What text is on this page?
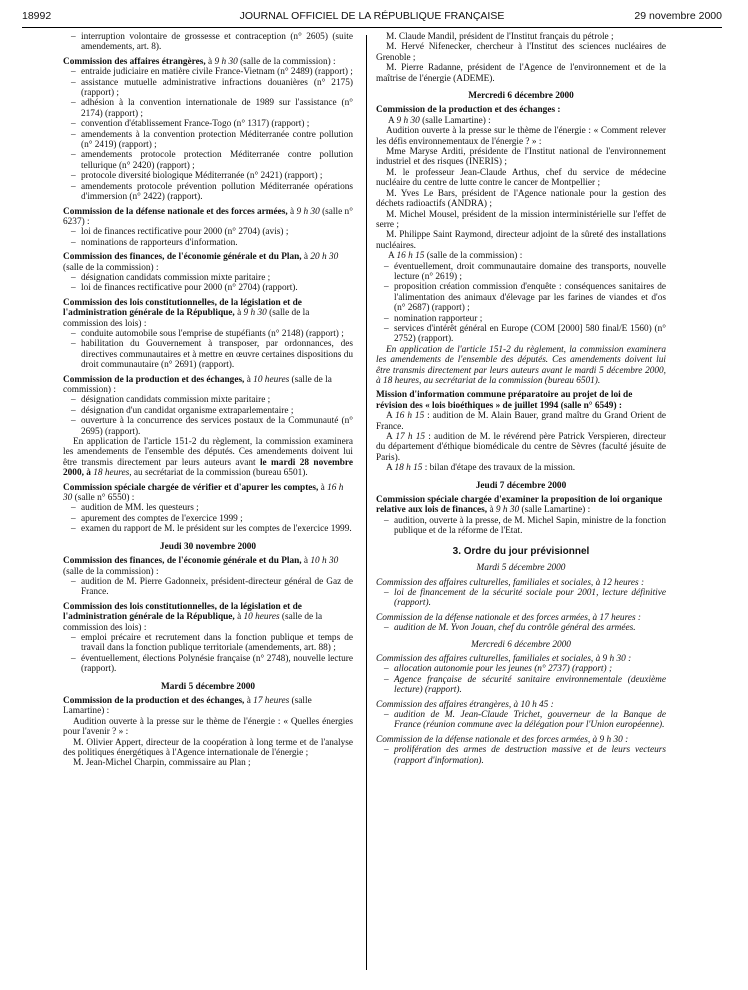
18992	JOURNAL OFFICIEL DE LA RÉPUBLIQUE FRANÇAISE	29 novembre 2000
– interruption volontaire de grossesse et contraception (n° 2605) (suite amendements, art. 8).

Commission des affaires étrangères, à 9 h 30 (salle de la commission) :

– entraide judiciaire en matière civile France-Vietnam (n° 2489) (rapport) ;
– assistance mutuelle administrative infractions douanières (n° 2175) (rapport) ;
– adhésion à la convention internationale de 1989 sur l'assistance (n° 2174) (rapport) ;
– convention d'établissement France-Togo (n° 1317) (rapport) ;
– amendements à la convention protection Méditerranée contre pollution (n° 2419) (rapport) ;
– amendements protocole protection Méditerranée contre pollution tellurique (n° 2420) (rapport) ;
– protocole diversité biologique Méditerranée (n° 2421) (rapport) ;
– amendements protocole prévention pollution Méditerranée opérations d'immersion (n° 2422) (rapport).

Commission de la défense nationale et des forces armées, à 9 h 30 (salle n° 6237) :

– loi de finances rectificative pour 2000 (n° 2704) (avis) ;
– nominations de rapporteurs d'information.

Commission des finances, de l'économie générale et du Plan, à 20 h 30 (salle de la commission) :

– désignation candidats commission mixte paritaire ;
– loi de finances rectificative pour 2000 (n° 2704) (rapport).

Commission des lois constitutionnelles, de la législation et de l'administration générale de la République, à 9 h 30 (salle de la commission des lois) :

– conduite automobile sous l'emprise de stupéfiants (n° 2148) (rapport) ;
– habilitation du Gouvernement à transposer, par ordonnances, des directives communautaires et à mettre en œuvre certaines dispositions du droit communautaire (n° 2691) (rapport).

Commission de la production et des échanges, à 10 heures (salle de la commission) :

– désignation candidats commission mixte paritaire ;
– désignation d'un candidat organisme extraparlementaire ;
– ouverture à la concurrence des services postaux de la Communauté (n° 2695) (rapport).

En application de l'article 151-2 du règlement, la commission examinera les amendements de l'ensemble des députés. Ces amendements doivent lui être transmis directement par leurs auteurs avant le mardi 28 novembre 2000, à 18 heures, au secrétariat de la commission (bureau 6501).

Commission spéciale chargée de vérifier et d'apurer les comptes, à 16 h 30 (salle n° 6550) :

– audition de MM. les questeurs ;
– apurement des comptes de l'exercice 1999 ;
– examen du rapport de M. le président sur les comptes de l'exercice 1999.

Jeudi 30 novembre 2000

Commission des finances, de l'économie générale et du Plan, à 10 h 30 (salle de la commission) :

– audition de M. Pierre Gadonneix, président-directeur général de Gaz de France.

Commission des lois constitutionnelles, de la législation et de l'administration générale de la République, à 10 heures (salle de la commission des lois) :

– emploi précaire et recrutement dans la fonction publique et temps de travail dans la fonction publique territoriale (amendements, art. 88) ;
– éventuellement, élections Polynésie française (n° 2748), nouvelle lecture (rapport).

Mardi 5 décembre 2000

Commission de la production et des échanges, à 17 heures (salle Lamartine) :

Audition ouverte à la presse sur le thème de l'énergie : « Quelles énergies pour l'avenir ? » :

M. Olivier Appert, directeur de la coopération à long terme et de l'analyse des politiques énergétiques à l'Agence internationale de l'énergie ;

M. Jean-Michel Charpin, commissaire au Plan ;

M. Claude Mandil, président de l'Institut français du pétrole ;

M. Hervé Nifenecker, chercheur à l'Institut des sciences nucléaires de Grenoble ;

M. Pierre Radanne, président de l'Agence de l'environnement et de la maîtrise de l'énergie (ADEME).

Mercredi 6 décembre 2000

Commission de la production et des échanges :

A 9 h 30 (salle Lamartine) :

Audition ouverte à la presse sur le thème de l'énergie : « Comment relever les défis environnementaux de l'énergie ? » :

Mme Maryse Arditi, présidente de l'Institut national de l'environnement industriel et des risques (INERIS) ;

M. le professeur Jean-Claude Arthus, chef du service de médecine nucléaire du centre de lutte contre le cancer de Montpellier ;

M. Yves Le Bars, président de l'Agence nationale pour la gestion des déchets radioactifs (ANDRA) ;

M. Michel Mousel, président de la mission interministérielle sur l'effet de serre ;

M. Philippe Saint Raymond, directeur adjoint de la sûreté des installations nucléaires.

A 16 h 15 (salle de la commission) :

– éventuellement, droit communautaire domaine des transports, nouvelle lecture (n° 2619) ;
– proposition création commission d'enquête : conséquences sanitaires de l'alimentation des animaux d'élevage par les farines de viandes et d'os (n° 2687) (rapport) ;
– nomination rapporteur ;
– services d'intérêt général en Europe (COM [2000] 580 final/E 1560) (n° 2752) (rapport).

En application de l'article 151-2 du règlement, la commission examinera les amendements de l'ensemble des députés. Ces amendements doivent lui être transmis directement par leurs auteurs avant le mardi 5 décembre 2000, à 18 heures, au secrétariat de la commission (bureau 6501).

Mission d'information commune préparatoire au projet de loi de révision des « lois bioéthiques » de juillet 1994 (salle n° 6549) :

A 16 h 15 : audition de M. Alain Bauer, grand maître du Grand Orient de France.

A 17 h 15 : audition de M. le révérend père Patrick Verspieren, directeur du département d'éthique biomédicale du centre de Sèvres (faculté jésuite de Paris).

A 18 h 15 : bilan d'étape des travaux de la mission.

Jeudi 7 décembre 2000

Commission spéciale chargée d'examiner la proposition de loi organique relative aux lois de finances, à 9 h 30 (salle Lamartine) :

– audition, ouverte à la presse, de M. Michel Sapin, ministre de la fonction publique et de la réforme de l'Etat.

3. Ordre du jour prévisionnel

Mardi 5 décembre 2000

Commission des affaires culturelles, familiales et sociales, à 12 heures :

– loi de financement de la sécurité sociale pour 2001, lecture définitive (rapport).

Commission de la défense nationale et des forces armées, à 17 heures :

– audition de M. Yvon Jouan, chef du contrôle général des armées.

Mercredi 6 décembre 2000

Commission des affaires culturelles, familiales et sociales, à 9 h 30 :

– allocation autonomie pour les jeunes (n° 2737) (rapport) ;
– Agence française de sécurité sanitaire environnementale (deuxième lecture) (rapport).

Commission des affaires étrangères, à 10 h 45 :

– audition de M. Jean-Claude Trichet, gouverneur de la Banque de France (réunion commune avec la délégation pour l'Union européenne).

Commission de la défense nationale et des forces armées, à 9 h 30 :

– prolifération des armes de destruction massive et de leurs vecteurs (rapport d'information).
